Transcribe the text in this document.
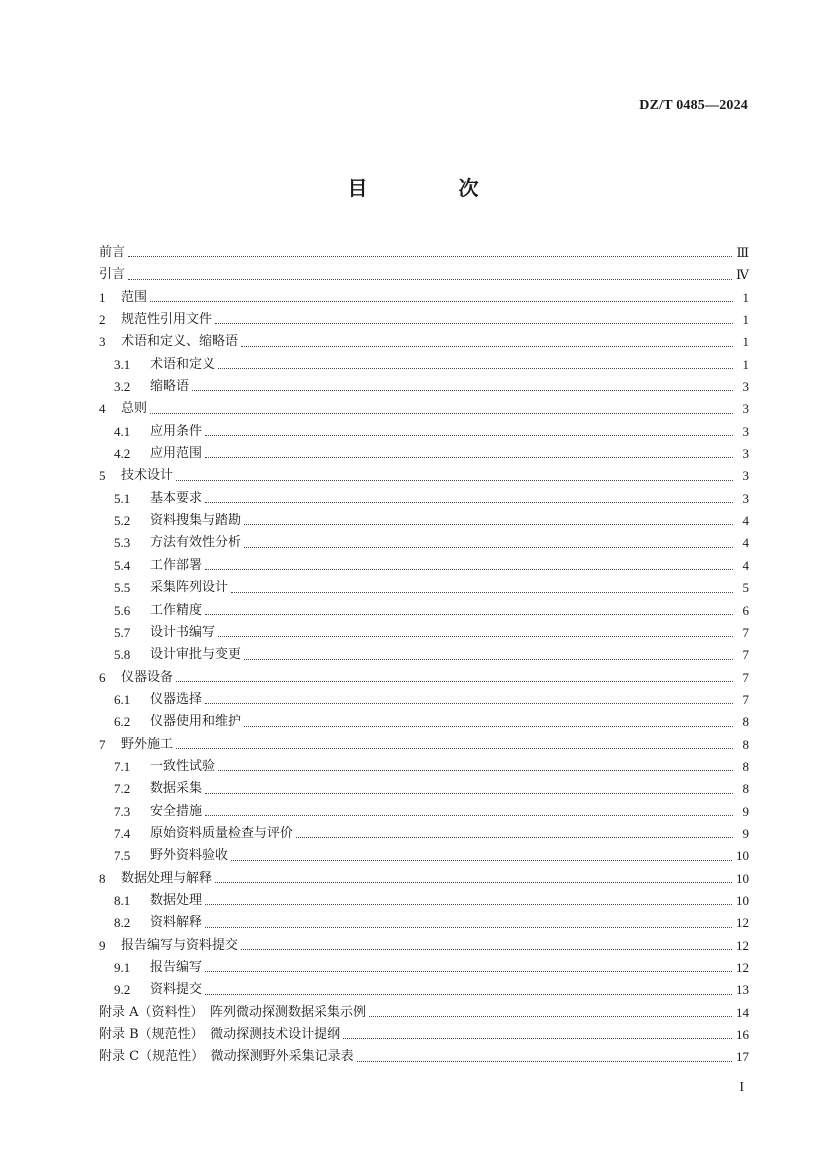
DZ/T 0485—2024
目 次
前言	Ⅲ
引言	Ⅳ
1	范围	1
2	规范性引用文件	1
3	术语和定义、缩略语	1
3.1	术语和定义	1
3.2	缩略语	3
4	总则	3
4.1	应用条件	3
4.2	应用范围	3
5	技术设计	3
5.1	基本要求	3
5.2	资料搜集与踏勘	4
5.3	方法有效性分析	4
5.4	工作部署	4
5.5	采集阵列设计	5
5.6	工作精度	6
5.7	设计书编写	7
5.8	设计审批与变更	7
6	仪器设备	7
6.1	仪器选择	7
6.2	仪器使用和维护	8
7	野外施工	8
7.1	一致性试验	8
7.2	数据采集	8
7.3	安全措施	9
7.4	原始资料质量检查与评价	9
7.5	野外资料验收	10
8	数据处理与解释	10
8.1	数据处理	10
8.2	资料解释	12
9	报告编写与资料提交	12
9.1	报告编写	12
9.2	资料提交	13
附录 A（资料性）　阵列微动探测数据采集示例	14
附录 B（规范性）　微动探测技术设计提纲	16
附录 C（规范性）　微动探测野外采集记录表	17
I
